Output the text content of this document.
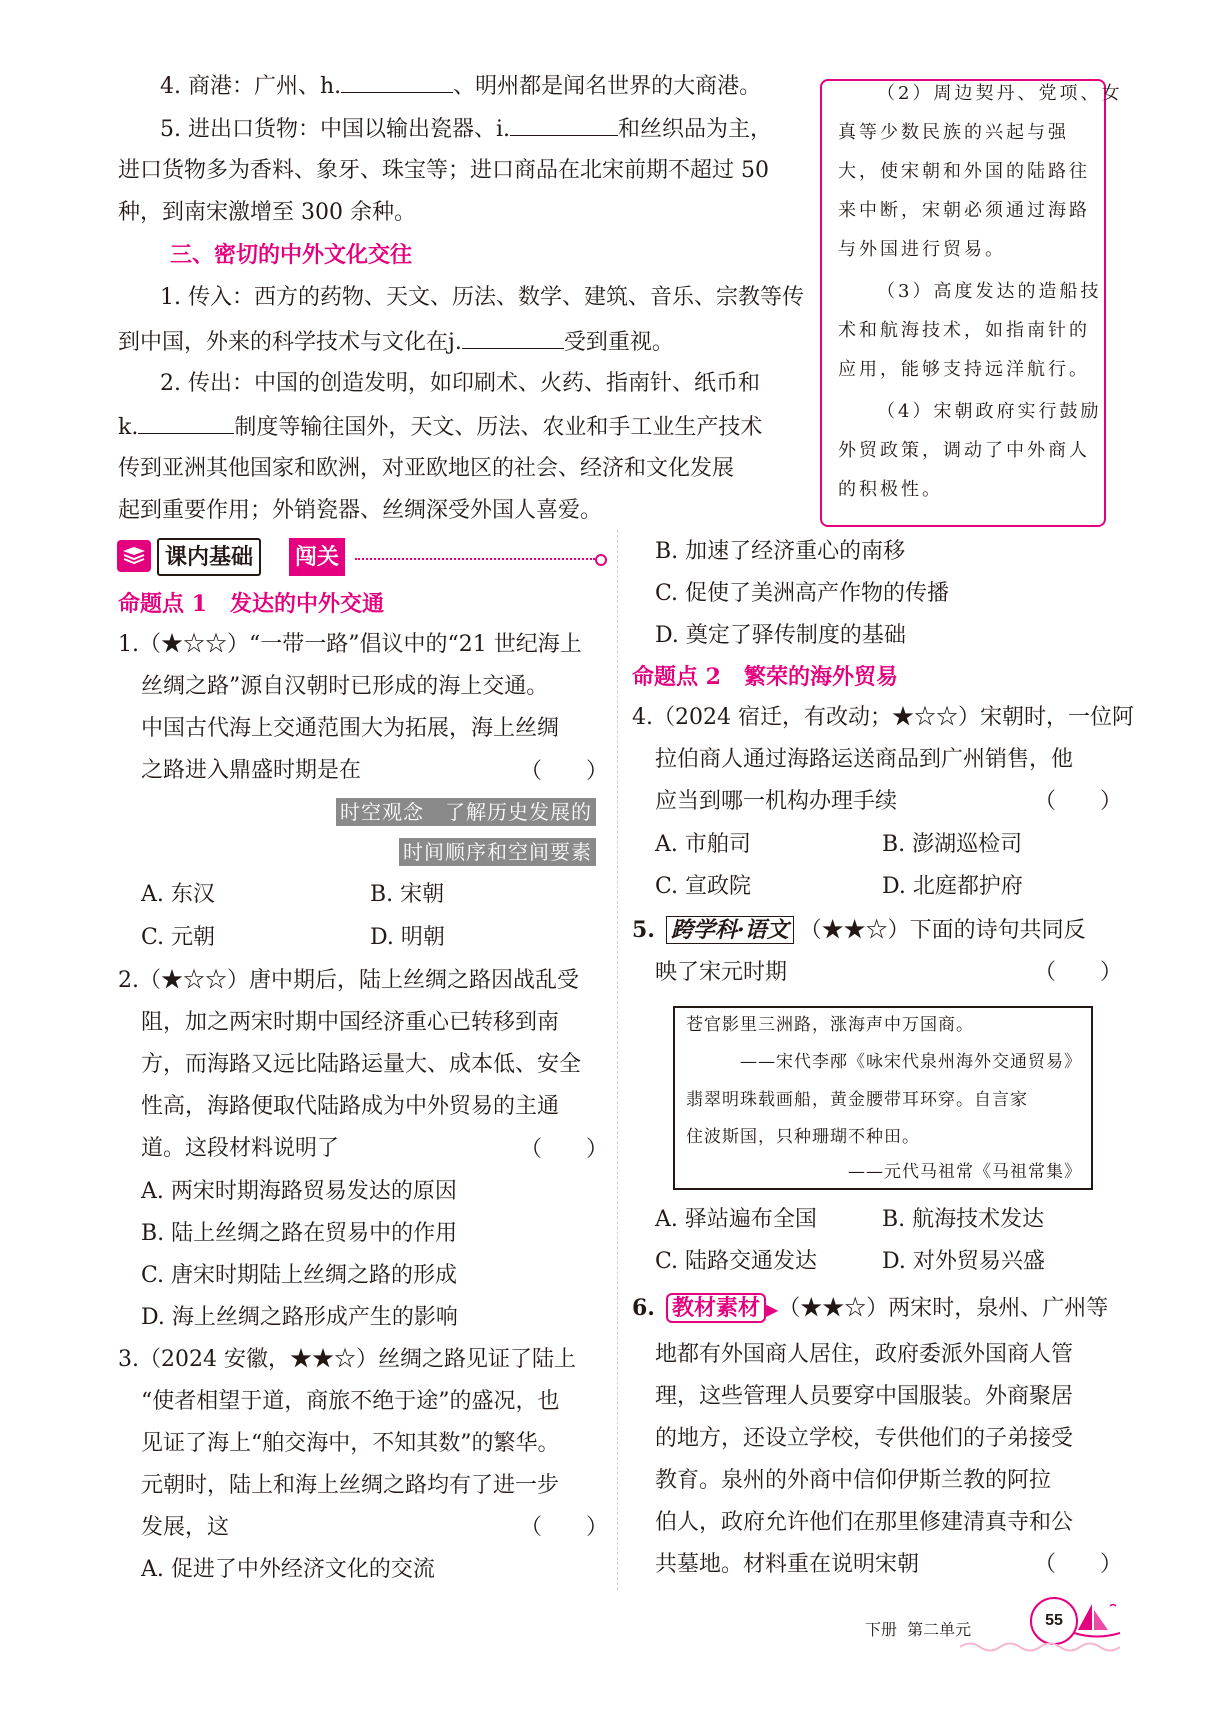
4. 商港：广州、h.	、明州都是闻名世界的大商港。
5. 进出口货物：中国以输出瓷器、i.	和丝织品为主，
进口货物多为香料、象牙、珠宝等；进口商品在北宋前期不超过 50
种，到南宋激增至 300 余种。
三、密切的中外文化交往
1. 传入：西方的药物、天文、历法、数学、建筑、音乐、宗教等传
到中国，外来的科学技术与文化在j.	受到重视。
2. 传出：中国的创造发明，如印刷术、火药、指南针、纸币和
k.	制度等输往国外，天文、历法、农业和手工业生产技术
传到亚洲其他国家和欧洲，对亚欧地区的社会、经济和文化发展
起到重要作用；外销瓷器、丝绸深受外国人喜爱。
（2）周边契丹、党项、女
真等少数民族的兴起与强
大，使宋朝和外国的陆路往
来中断，宋朝必须通过海路
与外国进行贸易。
（3）高度发达的造船技
术和航海技术，如指南针的
应用，能够支持远洋航行。
（4）宋朝政府实行鼓励
外贸政策，调动了中外商人
的积极性。
课内基础	闯关
命题点 1 发达的中外交通
1.（★☆☆）“一带一路”倡议中的“21 世纪海上
丝绸之路”源自汉朝时已形成的海上交通。
中国古代海上交通范围大为拓展，海上丝绸
之路进入鼎盛时期是在	（　　）
时空观念　了解历史发展的
时间顺序和空间要素
A. 东汉	B. 宋朝
C. 元朝	D. 明朝
2.（★☆☆）唐中期后，陆上丝绸之路因战乱受
阻，加之两宋时期中国经济重心已转移到南
方，而海路又远比陆路运量大、成本低、安全
性高，海路便取代陆路成为中外贸易的主通
道。这段材料说明了	（　　）
A. 两宋时期海路贸易发达的原因
B. 陆上丝绸之路在贸易中的作用
C. 唐宋时期陆上丝绸之路的形成
D. 海上丝绸之路形成产生的影响
3.（2024 安徽，★★☆）丝绸之路见证了陆上
“使者相望于道，商旅不绝于途”的盛况，也
见证了海上“舶交海中，不知其数”的繁华。
元朝时，陆上和海上丝绸之路均有了进一步
发展，这	（　　）
A. 促进了中外经济文化的交流
B. 加速了经济重心的南移
C. 促使了美洲高产作物的传播
D. 奠定了驿传制度的基础
命题点 2 繁荣的海外贸易
4.（2024 宿迁，有改动；★☆☆）宋朝时，一位阿
拉伯商人通过海路运送商品到广州销售，他
应当到哪一机构办理手续	（　　）
A. 市舶司	B. 澎湖巡检司
C. 宣政院	D. 北庭都护府
5. 跨学科·语文 （★★☆）下面的诗句共同反
映了宋元时期	（　　）
苍官影里三洲路，涨海声中万国商。
——宋代李邴《咏宋代泉州海外交通贸易》
翡翠明珠载画船，黄金腰带耳环穿。自言家
住波斯国，只种珊瑚不种田。
——元代马祖常《马祖常集》
A. 驿站遍布全国	B. 航海技术发达
C. 陆路交通发达	D. 对外贸易兴盛
6. 教材素材 ▶（★★☆）两宋时，泉州、广州等
地都有外国商人居住，政府委派外国商人管
理，这些管理人员要穿中国服装。外商聚居
的地方，还设立学校，专供他们的子弟接受
教育。泉州的外商中信仰伊斯兰教的阿拉
伯人，政府允许他们在那里修建清真寺和公
共墓地。材料重在说明宋朝	（　　）
下册  第二单元	55
